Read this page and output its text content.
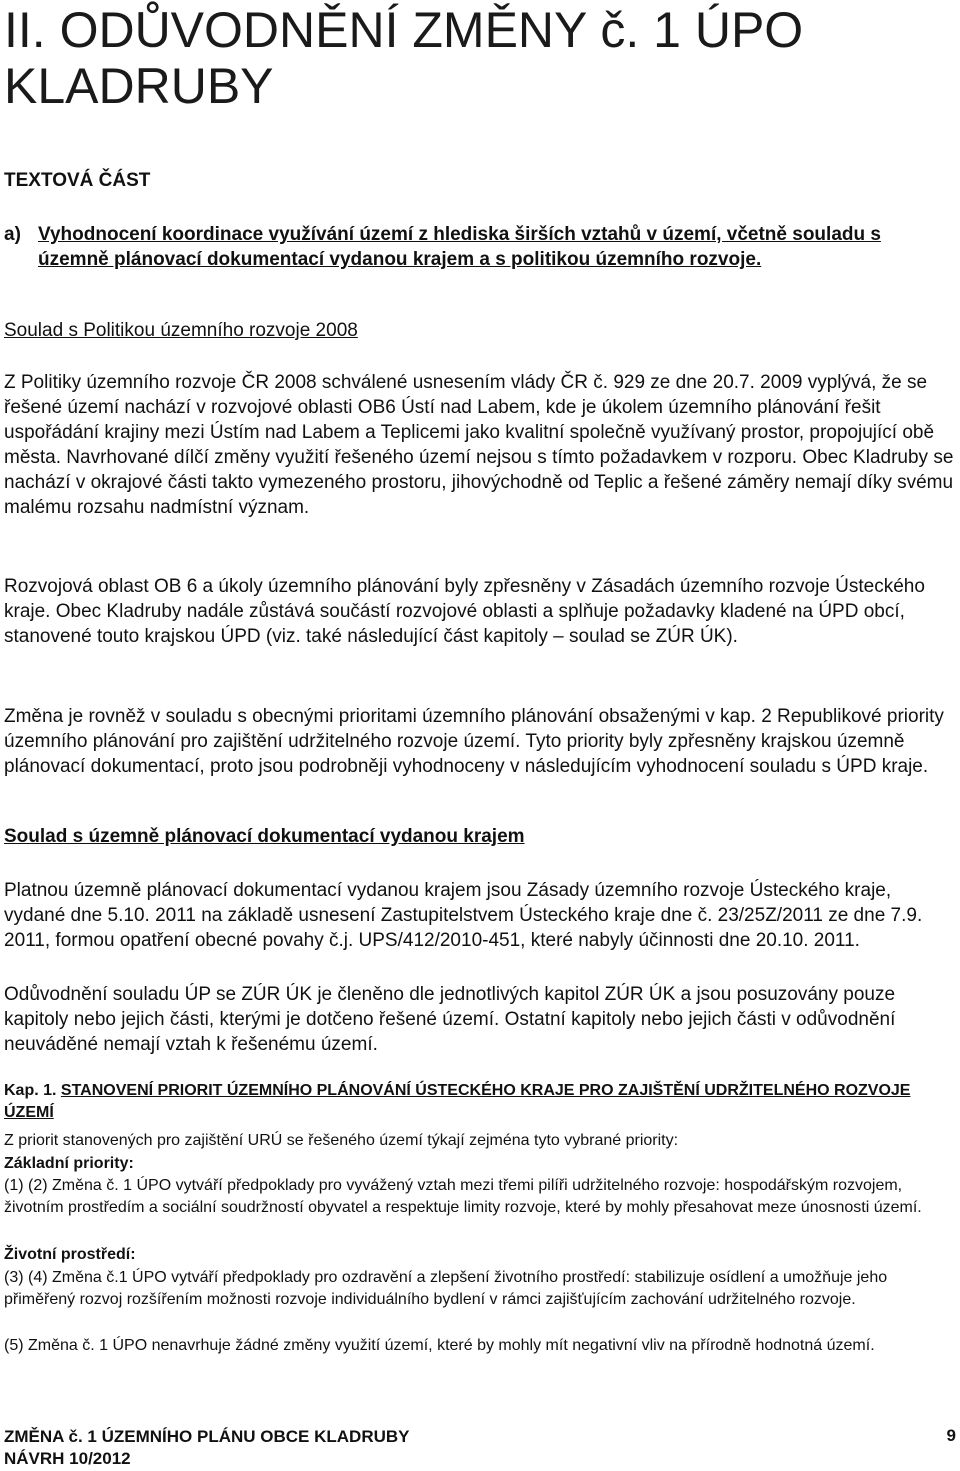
II. ODŮVODNĚNÍ ZMĚNY č. 1 ÚPO KLADRUBY
TEXTOVÁ ČÁST
a) Vyhodnocení koordinace využívání území z hlediska širších vztahů v území, včetně souladu s územně plánovací dokumentací vydanou krajem a s politikou územního rozvoje.
Soulad s Politikou územního rozvoje 2008

Z Politiky územního rozvoje ČR 2008 schválené usnesením vlády ČR č. 929 ze dne 20.7. 2009 vyplývá, že se řešené území nachází v rozvojové oblasti OB6 Ústí nad Labem, kde je úkolem územního plánování řešit uspořádání krajiny mezi Ústím nad Labem a Teplicemi jako kvalitní společně využívaný prostor, propojující obě města. Navrhované dílčí změny využití řešeného území nejsou s tímto požadavkem v rozporu. Obec Kladruby se nachází v okrajové části takto vymezeného prostoru, jihovýchodně od Teplic a řešené záměry nemají díky svému malému rozsahu nadmístní význam.

Rozvojová oblast OB 6 a úkoly územního plánování byly zpřesněny v Zásadách územního rozvoje Ústeckého kraje. Obec Kladruby nadále zůstává součástí rozvojové oblasti a splňuje požadavky kladené na ÚPD obcí, stanovené touto krajskou ÚPD (viz. také následující část kapitoly – soulad se ZÚR ÚK).

Změna je rovněž v souladu s obecnými prioritami územního plánování obsaženými v kap. 2 Republikové priority územního plánování pro zajištění udržitelného rozvoje území. Tyto priority byly zpřesněny krajskou územně plánovací dokumentací, proto jsou podrobněji vyhodnoceny v následujícím vyhodnocení souladu s ÚPD kraje.

Soulad s územně plánovací dokumentací vydanou krajem

Platnou územně plánovací dokumentací vydanou krajem jsou Zásady územního rozvoje Ústeckého kraje, vydané dne 5.10. 2011 na základě usnesení Zastupitelstvem Ústeckého kraje dne č. 23/25Z/2011 ze dne 7.9. 2011, formou opatření obecné povahy č.j. UPS/412/2010-451, které nabyly účinnosti dne 20.10. 2011.

Odůvodnění souladu ÚP se ZÚR ÚK je členěno dle jednotlivých kapitol ZÚR ÚK a jsou posuzovány pouze kapitoly nebo jejich části, kterými je dotčeno řešené území. Ostatní kapitoly nebo jejich části v odůvodnění neuváděné nemají vztah k řešenému území.

Kap. 1. STANOVENÍ PRIORIT ÚZEMNÍHO PLÁNOVÁNÍ ÚSTECKÉHO KRAJE PRO ZAJIŠTĚNÍ UDRŽITELNÉHO ROZVOJE ÚZEMÍ

Z priorit stanovených pro zajištění URÚ se řešeného území týkají zejména tyto vybrané priority:

Základní priority:

(1) (2) Změna č. 1 ÚPO vytváří předpoklady pro vyvážený vztah mezi třemi pilíři udržitelného rozvoje: hospodářským rozvojem, životním prostředím a sociální soudržností obyvatel a respektuje limity rozvoje, které by mohly přesahovat meze únosnosti území.

Životní prostředí:

(3) (4) Změna č.1 ÚPO vytváří předpoklady pro ozdravění a zlepšení životního prostředí: stabilizuje osídlení a umožňuje jeho přiměřený rozvoj rozšířením možnosti rozvoje individuálního bydlení v rámci zajišťujícím zachování udržitelného rozvoje.

(5) Změna č. 1 ÚPO nenavrhuje žádné změny využití území, které by mohly mít negativní vliv na přírodně hodnotná území.

ZMĚNA č. 1 ÚZEMNÍHO PLÁNU OBCE KLADRUBY
NÁVRH 10/2012
9
